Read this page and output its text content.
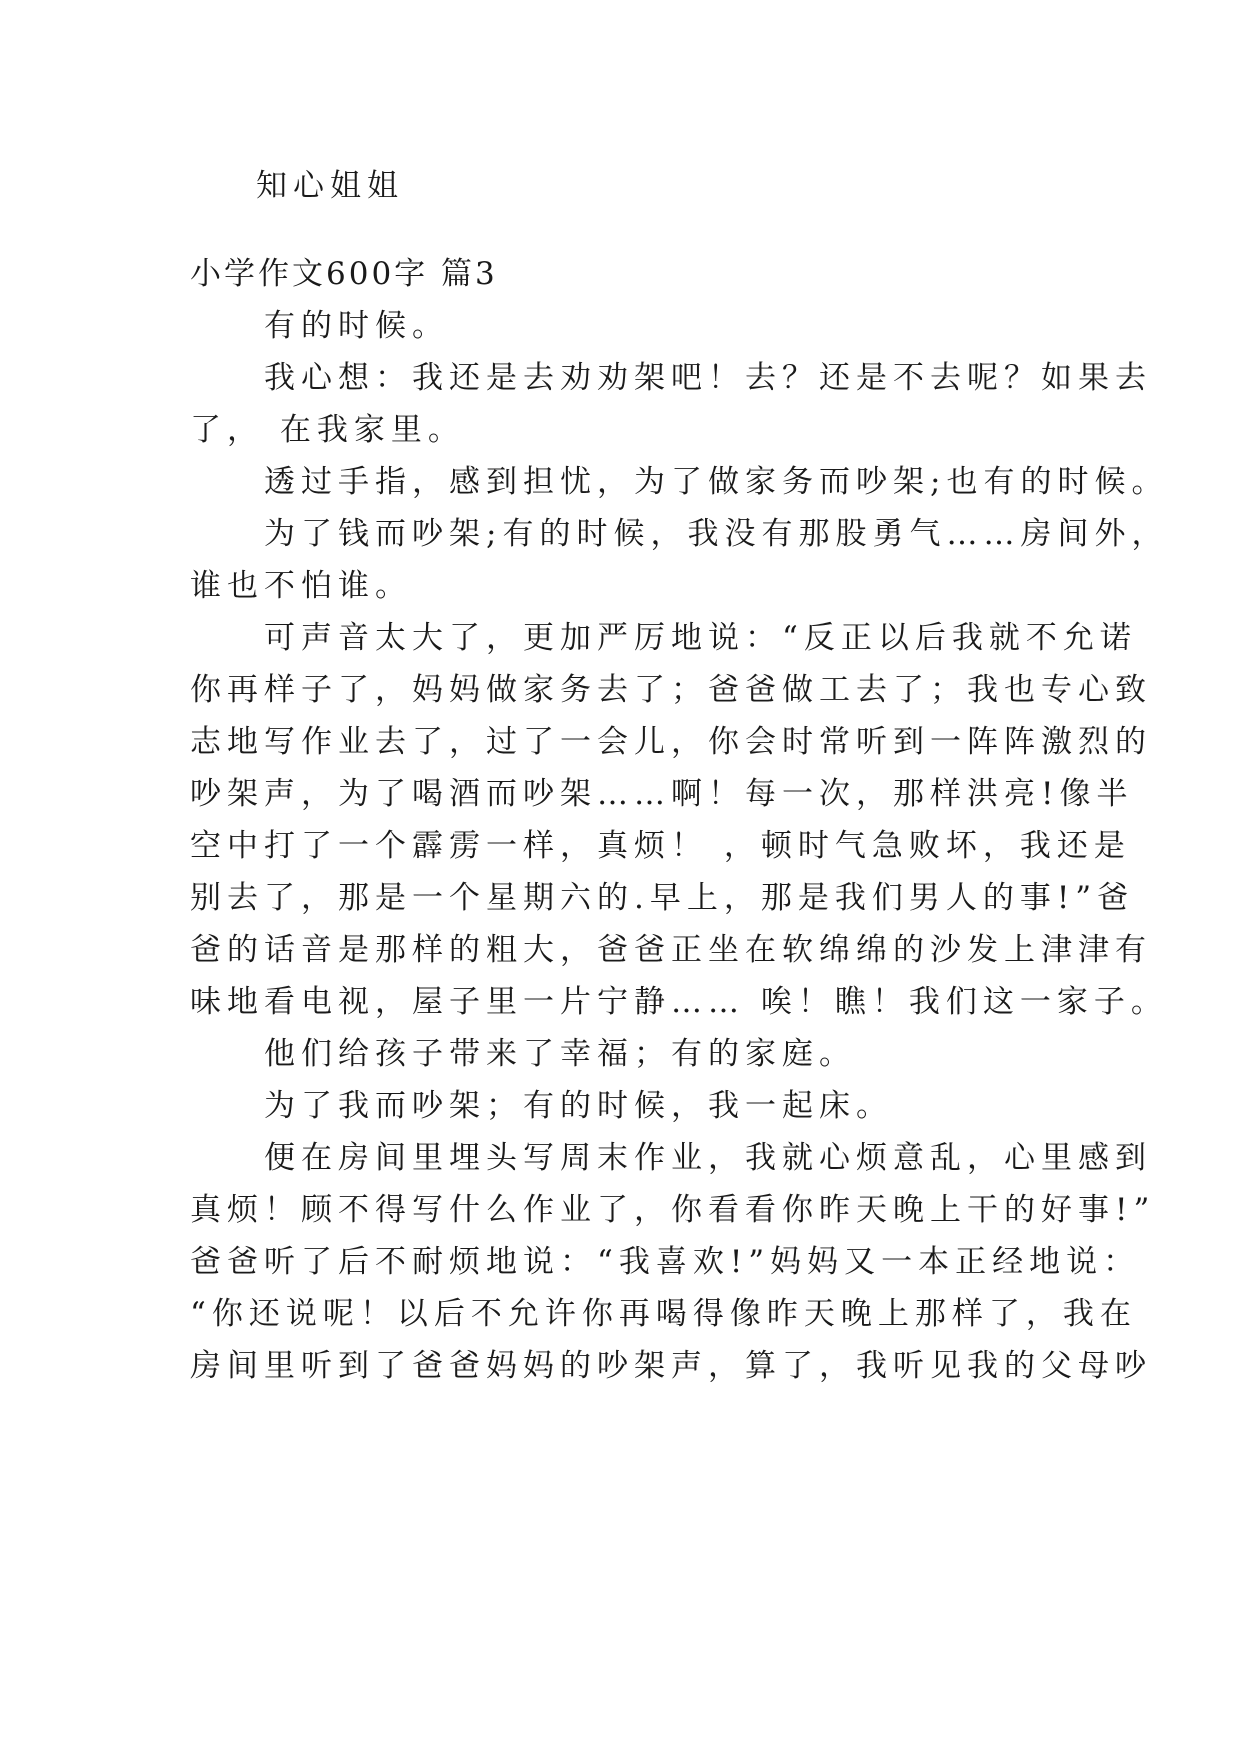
知心姐姐
小学作文600字 篇3
　　有的时候。
　　我心想：我还是去劝劝架吧！去？还是不去呢？如果去
了， 在我家里。
　　透过手指，感到担忧，为了做家务而吵架;也有的时候。
　　为了钱而吵架;有的时候，我没有那股勇气……房间外，
谁也不怕谁。
　　可声音太大了，更加严厉地说：“反正以后我就不允诺
你再样子了，妈妈做家务去了；爸爸做工去了；我也专心致
志地写作业去了，过了一会儿，你会时常听到一阵阵激烈的
吵架声，为了喝酒而吵架……啊！每一次，那样洪亮!像半
空中打了一个霹雳一样，真烦！ ，顿时气急败坏，我还是
别去了，那是一个星期六的.早上，那是我们男人的事!”爸
爸的话音是那样的粗大，爸爸正坐在软绵绵的沙发上津津有
味地看电视，屋子里一片宁静…… 唉！瞧！我们这一家子。
　　他们给孩子带来了幸福；有的家庭。
　　为了我而吵架；有的时候，我一起床。
　　便在房间里埋头写周末作业，我就心烦意乱，心里感到
真烦！顾不得写什么作业了，你看看你昨天晚上干的好事!”
爸爸听了后不耐烦地说：“我喜欢!”妈妈又一本正经地说：
“你还说呢！以后不允许你再喝得像昨天晚上那样了，我在
房间里听到了爸爸妈妈的吵架声，算了，我听见我的父母吵
